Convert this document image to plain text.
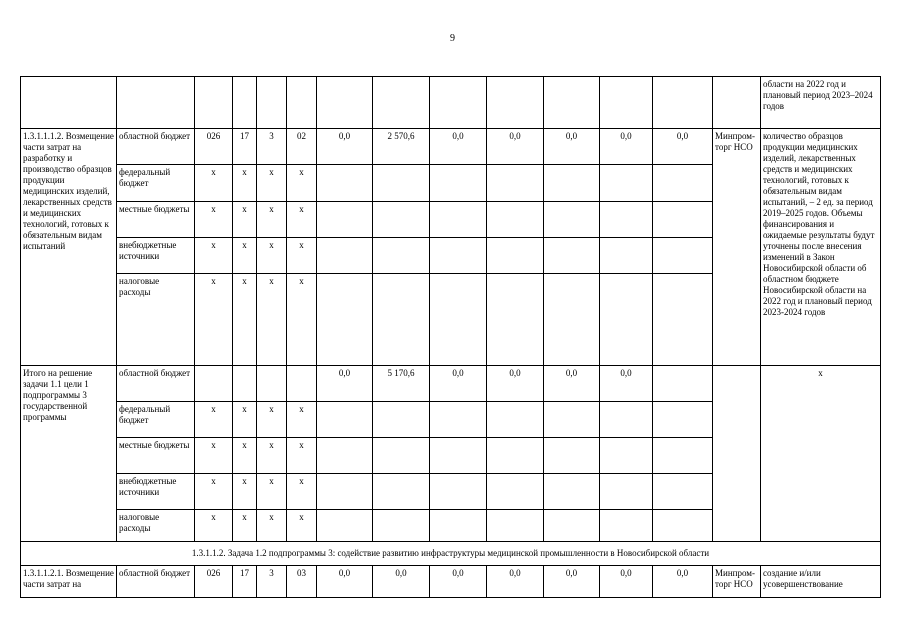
9
														области на 2022 год и плановый период 2023–2024 годов
1.3.1.1.1.2. Возмещение части затрат на разработку и производство образцов продукции медицинских изделий, лекарственных средств и медицинских технологий, готовых к обязательным видам испытаний	областной бюджет	026	17	3	02	0,0	2 570,6	0,0	0,0	0,0	0,0	0,0	Минпром-торг НСО	количество образцов продукции медицинских изделий, лекарственных средств и медицинских технологий, готовых к обязательным видам испытаний, – 2 ед. за период 2019–2025 годов. Объемы финансирования и ожидаемые результаты будут уточнены после внесения изменений в Закон Новосибирской области об областном бюджете Новосибирской области на 2022 год и плановый период 2023-2024 годов
	федеральный бюджет	x	x	x	x									
	местные бюджеты	x	x	x	x									
	внебюджетные источники	x	x	x	x									
	налоговые расходы	x	x	x	x									
Итого на решение задачи 1.1 цели 1 подпрограммы 3 государственной программы	областной бюджет					0,0	5 170,6	0,0	0,0	0,0	0,0			x
	федеральный бюджет	x	x	x	x									
	местные бюджеты	x	x	x	x									
	внебюджетные источники	x	x	x	x									
	налоговые расходы	x	x	x	x									
1.3.1.1.2. Задача 1.2 подпрограммы 3: содействие развитию инфраструктуры медицинской промышленности в Новосибирской области														
1.3.1.1.2.1. Возмещение части затрат на	областной бюджет	026	17	3	03	0,0	0,0	0,0	0,0	0,0	0,0	0,0	Минпром-торг НСО	создание и/или усовершенствование
